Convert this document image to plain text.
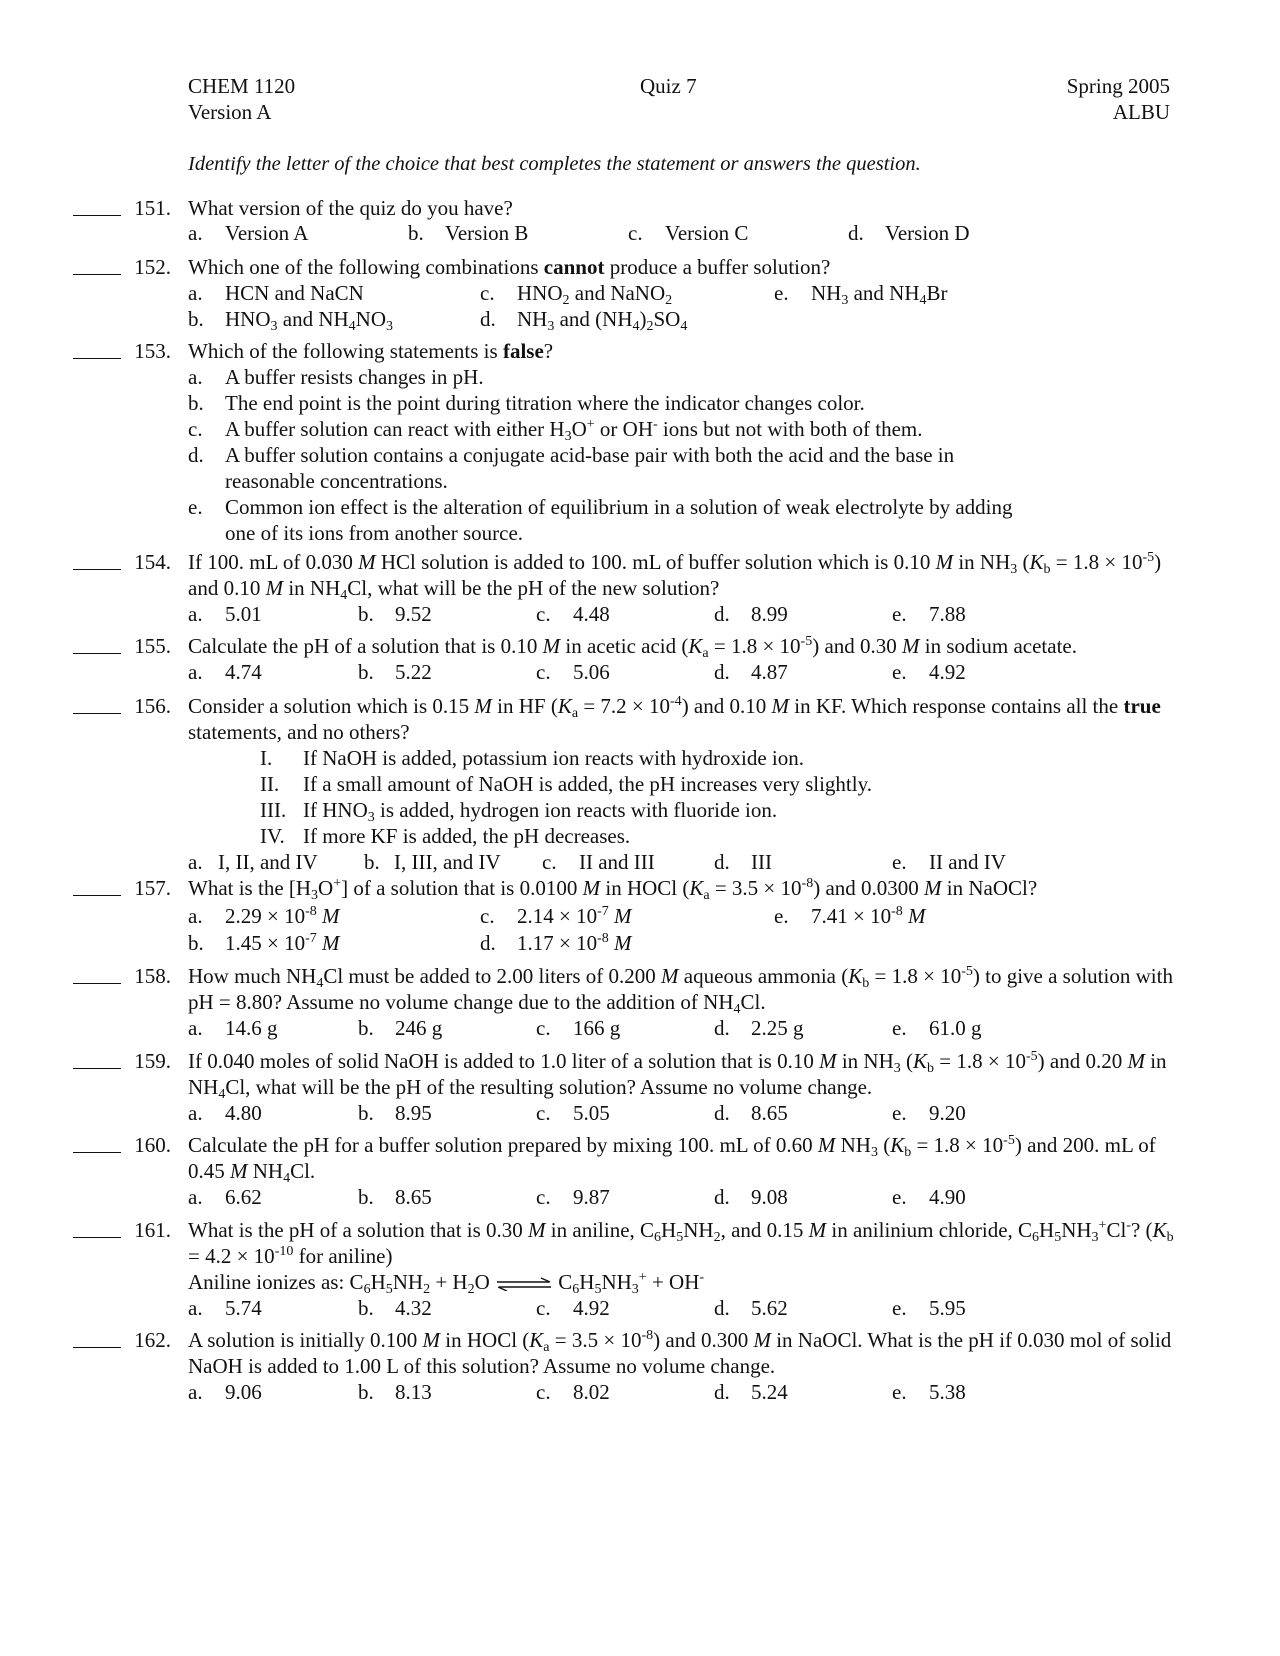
CHEM 1120
Version A
Quiz 7	Spring 2005
ALBU
Identify the letter of the choice that best completes the statement or answers the question.
151. What version of the quiz do you have?
a. Version A	b. Version B	c. Version C	d. Version D
152. Which one of the following combinations cannot produce a buffer solution?
a. HCN and NaCN	c. $HNO_2$ and NaNO$_2$	e. $NH_3$ and $NH_4Br$
b. $HNO_3$ and $NH_4NO_3$	d. $NH_3$ and $(NH_4)_2SO_4$
153. Which of the following statements is false?
a. A buffer resists changes in pH.
b. The end point is the point during titration where the indicator changes color.
c. A buffer solution can react with either $H_3O^+$ or OH- ions but not with both of them.
d. A buffer solution contains a conjugate acid-base pair with both the acid and the base in reasonable concentrations.
e. Common ion effect is the alteration of equilibrium in a solution of weak electrolyte by adding one of its ions from another source.
154. If 100. mL of 0.030 M HCl solution is added to 100. mL of buffer solution which is 0.10 M in $NH_3$ $(K_b = 1.8 \times 10^{-5})$ and 0.10 M in $NH_4Cl$, what will be the pH of the new solution?
a. 5.01	b. 9.52	c. 4.48	d. 8.99	e. 7.88
155. Calculate the pH of a solution that is 0.10 M in acetic acid $(K_a = 1.8 \times 10^{-5})$ and 0.30 M in sodium acetate.
a. 4.74	b. 5.22	c. 5.06	d. 4.87	e. 4.92
156. Consider a solution which is 0.15 M in HF $(K_a = 7.2 \times 10^{-4})$ and 0.10 M in KF. Which response contains all the true statements, and no others?
I. If NaOH is added, potassium ion reacts with hydroxide ion.
II. If a small amount of NaOH is added, the pH increases very slightly.
III. If $HNO_3$ is added, hydrogen ion reacts with fluoride ion.
IV. If more KF is added, the pH decreases.
a. I, II, and IV b. I, III, and IV c. II and III	d. III	e. II and IV
157. What is the $[H_3O^+]$ of a solution that is 0.0100 M in HOCl $(K_a = 3.5 \times 10^{-8})$ and 0.0300 M in NaOCl?
a. $2.29 \times 10^{-8}$ M	c. $2.14 \times 10^{-7}$ M	e. $7.41 \times 10^{-8}$ M
b. $1.45 \times 10^{-7}$ M	d. $1.17 \times 10^{-8}$ M
158. How much $NH_4Cl$ must be added to 2.00 liters of 0.200 M aqueous ammonia $(K_b = 1.8 \times 10^{-5})$ to give a solution with pH = 8.80? Assume no volume change due to the addition of $NH_4Cl$.
a. 14.6 g	b. 246 g	c. 166 g	d. 2.25 g	e. 61.0 g
159. If 0.040 moles of solid NaOH is added to 1.0 liter of a solution that is 0.10 M in $NH_3$ $(K_b = 1.8 \times 10^{-5})$ and 0.20 M in $NH_4Cl$, what will be the pH of the resulting solution? Assume no volume change.
a. 4.80	b. 8.95	c. 5.05	d. 8.65	e. 9.20
160. Calculate the pH for a buffer solution prepared by mixing 100. mL of 0.60 M $NH_3$ $(K_b = 1.8 \times 10^{-5})$ and 200. mL of 0.45 M $NH_4Cl$.
a. 6.62	b. 8.65	c. 9.87	d. 9.08	e. 4.90
161. What is the pH of a solution that is 0.30 M in aniline, $C_6H_5NH_2$, and 0.15 M in anilinium chloride, $C_6H_5NH_3^+Cl^-$? ($K_b = 4.2 \times 10^{-10}$ for aniline)
Aniline ionizes as: $C_6H_5NH_2 + H_2O$ ⇌ $C_6H_5NH_3^+ + OH^-$
a. 5.74	b. 4.32	c. 4.92	d. 5.62	e. 5.95
162. A solution is initially 0.100 M in HOCl $(K_a = 3.5 \times 10^{-8})$ and 0.300 M in NaOCl. What is the pH if 0.030 mol of solid NaOH is added to 1.00 L of this solution? Assume no volume change.
a. 9.06	b. 8.13	c. 8.02	d. 5.24	e. 5.38
